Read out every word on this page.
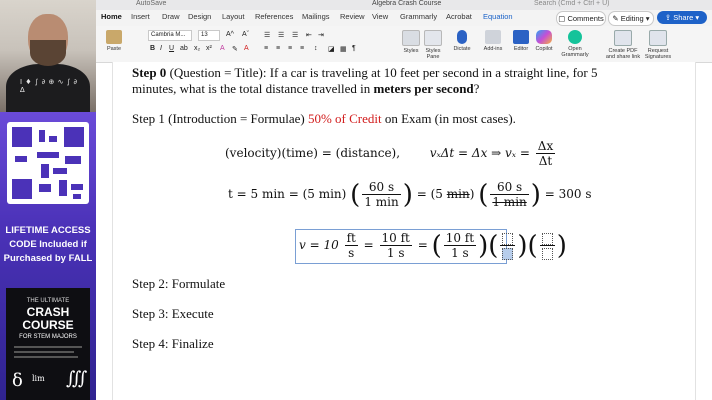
I ♦ ∫ ∂ ⊕ ∿ ∫ ∂ ∆
LIFETIME ACCESS
CODE Included if
Purchased by FALL
THE ULTIMATE
CRASH COURSE
FOR STEM MAJORS
δ ∭
lim
AutoSave	Algebra Crash Course	Search (Cmd + Ctrl + U)
Home Insert Draw Design Layout References Mailings Review View Grammarly Acrobat Equation	▢ Comments	✎ Editing ▾	⇪ Share ▾
Paste
Cambria M...	13
B I U ab x₂ x² A ✎ A
A^ Aˇ ☰ ☰ ☰ ⇤ ⇥
≡ ≡ ≡ ≡ ↕ ◪ ▦ ¶	Styles	Styles Pane
Dictate	Add-ins	Editor	Copilot	Open Grammarly
Create PDF and share link
Request Signatures
Step 0 (Question = Title): If a car is traveling at 10 feet per second in a straight line, for 5
minutes, what is the total distance travelled in meters per second?
Step 1 (Introduction = Formulae) 50% of Credit on Exam (in most cases).
(velocity)(time) = (distance), vₓΔt = Δx ⇒ $v_x = \frac{\Delta x}{\Delta t}$
t = 5 min = (5 min) ( $\frac{60 s}{1 \min}$ ) = (5 min) ( $\frac{60 s}{1 \min}$ ) = 300 s
$v = 10 \frac{ft}{s} = \frac{10 ft}{1 s}$ = ( $\frac{10 ft}{1 s}$ )( )( )
Step 2: Formulate
Step 3: Execute
Step 4: Finalize
